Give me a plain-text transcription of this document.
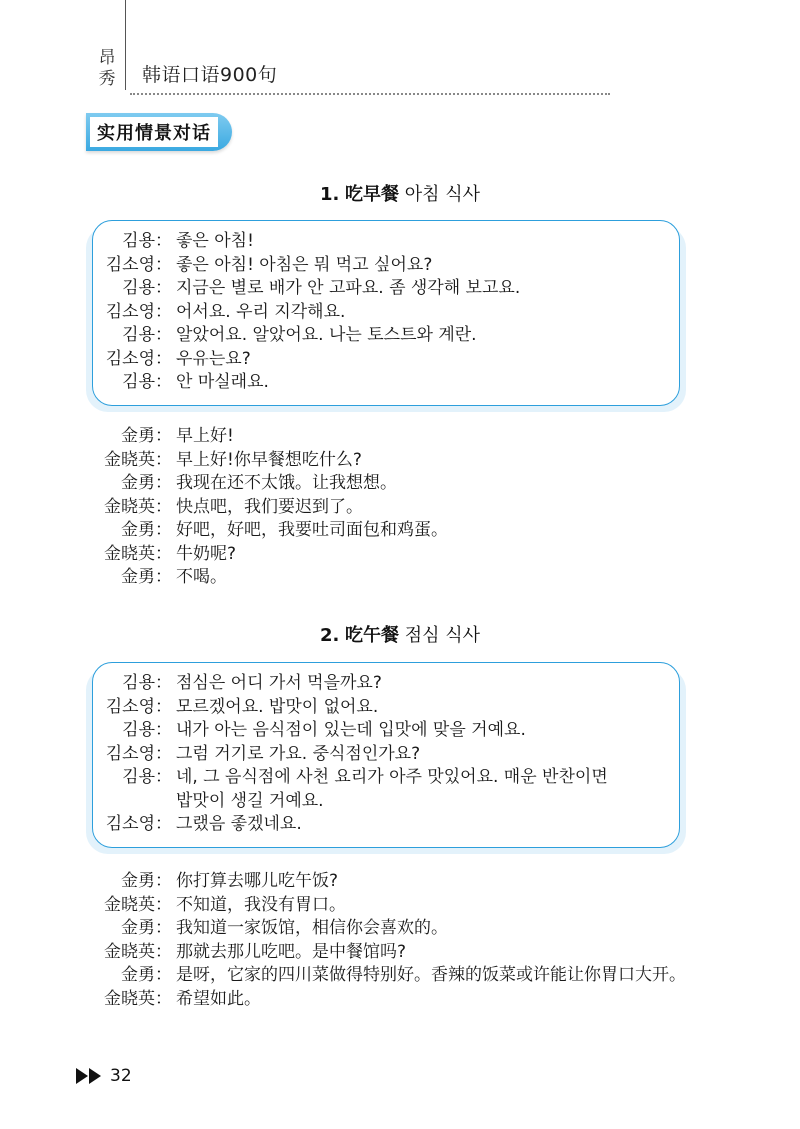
昂
秀 韩语口语900句
实用情景对话
1. 吃早餐 아침 식사
김용： 좋은 아침!
김소영： 좋은 아침! 아침은 뭐 먹고 싶어요?
김용： 지금은 별로 배가 안 고파요. 좀 생각해 보고요.
김소영： 어서요. 우리 지각해요.
김용： 알았어요. 알았어요. 나는 토스트와 계란.
김소영： 우유는요?
김용： 안 마실래요.
金勇： 早上好!
金晓英： 早上好!你早餐想吃什么?
金勇： 我现在还不太饿。让我想想。
金晓英： 快点吧，我们要迟到了。
金勇： 好吧，好吧，我要吐司面包和鸡蛋。
金晓英： 牛奶呢?
金勇： 不喝。
2. 吃午餐 점심 식사
김용： 점심은 어디 가서 먹을까요?
김소영： 모르겠어요. 밥맛이 없어요.
김용： 내가 아는 음식점이 있는데 입맛에 맞을 거예요.
김소영： 그럼 거기로 가요. 중식점인가요?
김용： 네, 그 음식점에 사천 요리가 아주 맛있어요. 매운 반찬이면
밥맛이 생길 거예요.
김소영： 그랬음 좋겠네요.
金勇： 你打算去哪儿吃午饭?
金晓英： 不知道，我没有胃口。
金勇： 我知道一家饭馆，相信你会喜欢的。
金晓英： 那就去那儿吃吧。是中餐馆吗?
金勇： 是呀，它家的四川菜做得特别好。香辣的饭菜或许能让你胃口大开。
金晓英： 希望如此。
32
